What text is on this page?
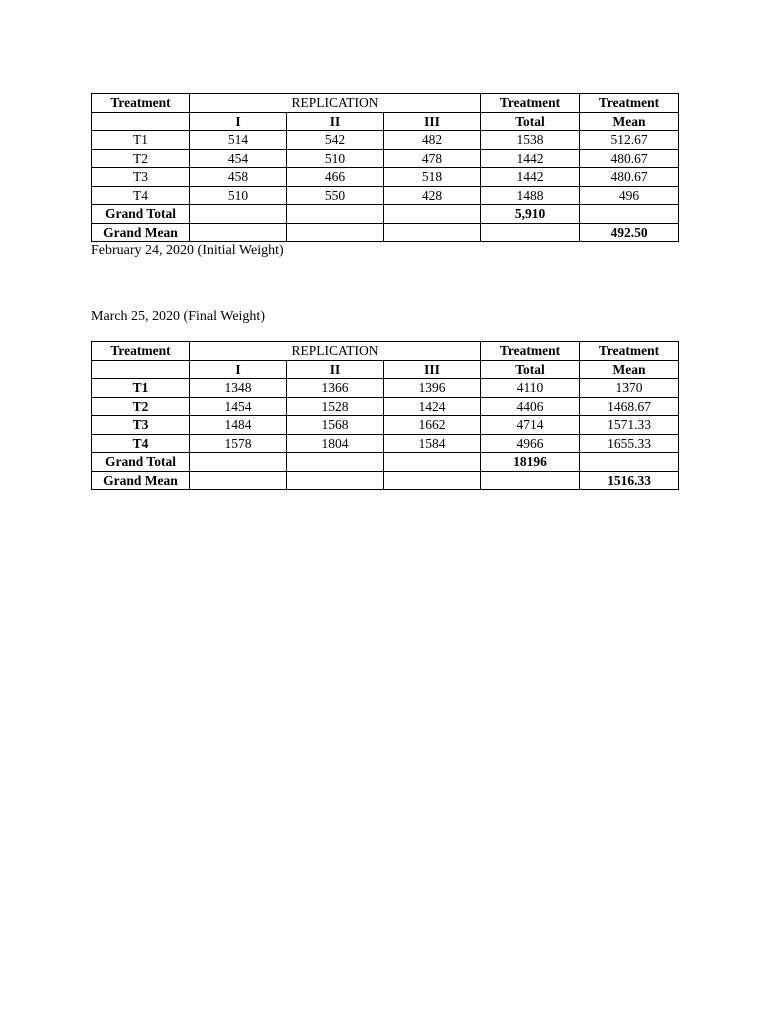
Treatment	REPLICATION			Treatment	Treatment
	I	II	III	Total	Mean
T1	514	542	482	1538	512.67
T2	454	510	478	1442	480.67
T3	458	466	518	1442	480.67
T4	510	550	428	1488	496
Grand Total				5,910	
Grand Mean					492.50
February 24, 2020 (Initial Weight)
March 25, 2020 (Final Weight)
Treatment	REPLICATION			Treatment	Treatment
	I	II	III	Total	Mean
T1	1348	1366	1396	4110	1370
T2	1454	1528	1424	4406	1468.67
T3	1484	1568	1662	4714	1571.33
T4	1578	1804	1584	4966	1655.33
Grand Total				18196	
Grand Mean					1516.33
